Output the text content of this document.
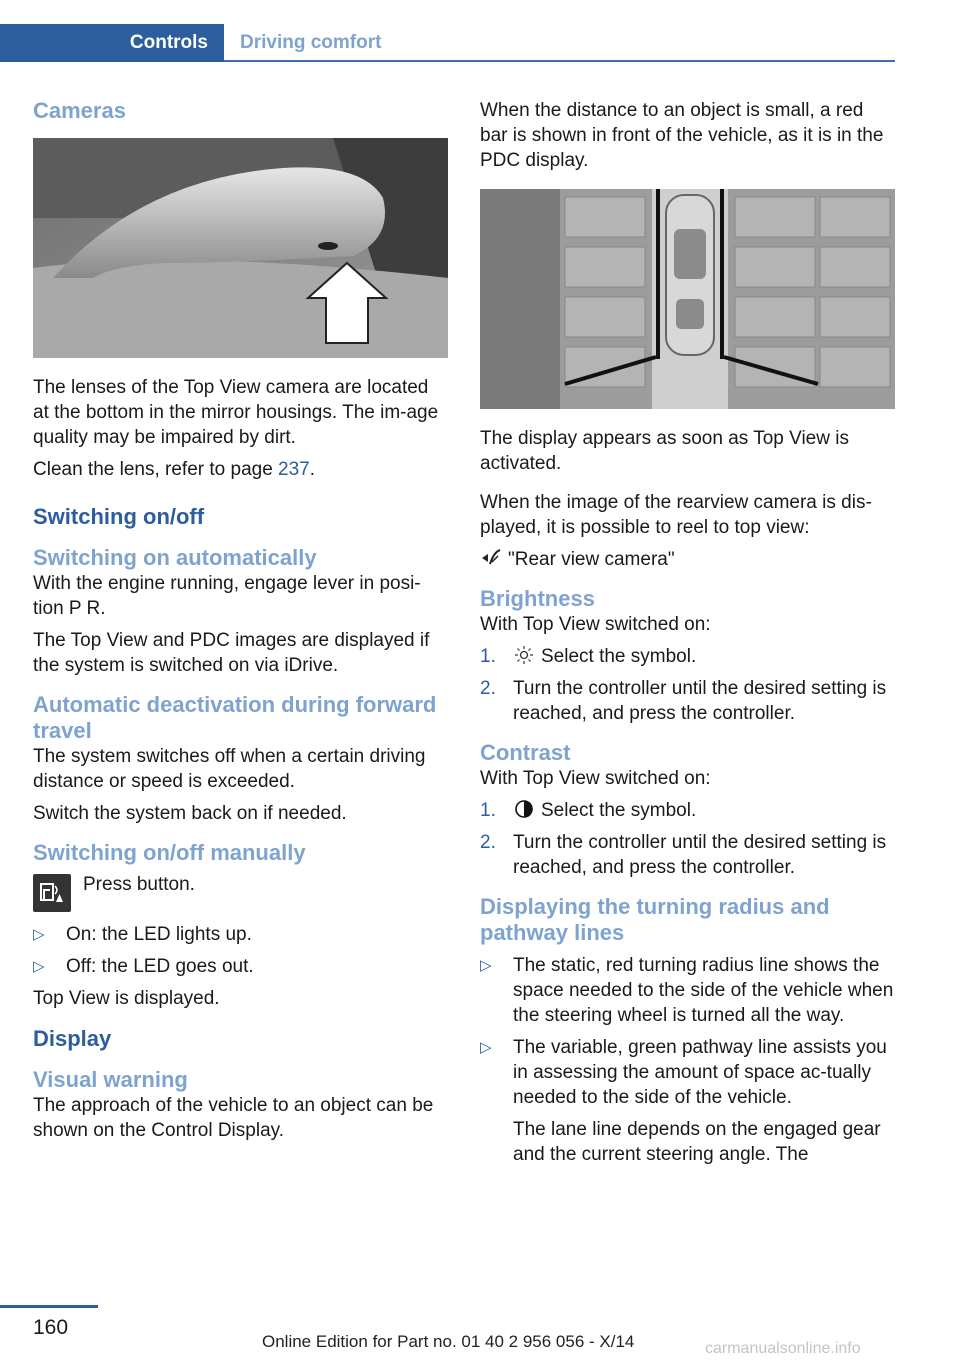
Controls	Driving comfort
Cameras

The lenses of the Top View camera are located at the bottom in the mirror housings. The im‐age quality may be impaired by dirt.

Clean the lens, refer to page 237.

Switching on/off
Switching on automatically

With the engine running, engage lever in posi‐tion P R.

The Top View and PDC images are displayed if the system is switched on via iDrive.

Automatic deactivation during forward travel

The system switches off when a certain driving distance or speed is exceeded.

Switch the system back on if needed.

Switching on/off manually

Press button.

▷	On: the LED lights up.
▷	Off: the LED goes out.

Top View is displayed.

Display
Visual warning

The approach of the vehicle to an object can be shown on the Control Display.

When the distance to an object is small, a red bar is shown in front of the vehicle, as it is in the PDC display.

The display appears as soon as Top View is activated.

When the image of the rearview camera is dis‐played, it is possible to reel to top view:

"Rear view camera"

Brightness

With Top View switched on:

1.	Select the symbol.
2. Turn the controller until the desired setting is reached, and press the controller.
Contrast

With Top View switched on:

1.	Select the symbol.
2. Turn the controller until the desired setting is reached, and press the controller.
Displaying the turning radius and pathway lines
▷	The static, red turning radius line shows the space needed to the side of the vehicle when the steering wheel is turned all the way.
▷	The variable, green pathway line assists you in assessing the amount of space ac‐tually needed to the side of the vehicle.

The lane line depends on the engaged gear and the current steering angle. The

160
Online Edition for Part no. 01 40 2 956 056 - X/14	carmanualsonline.info
